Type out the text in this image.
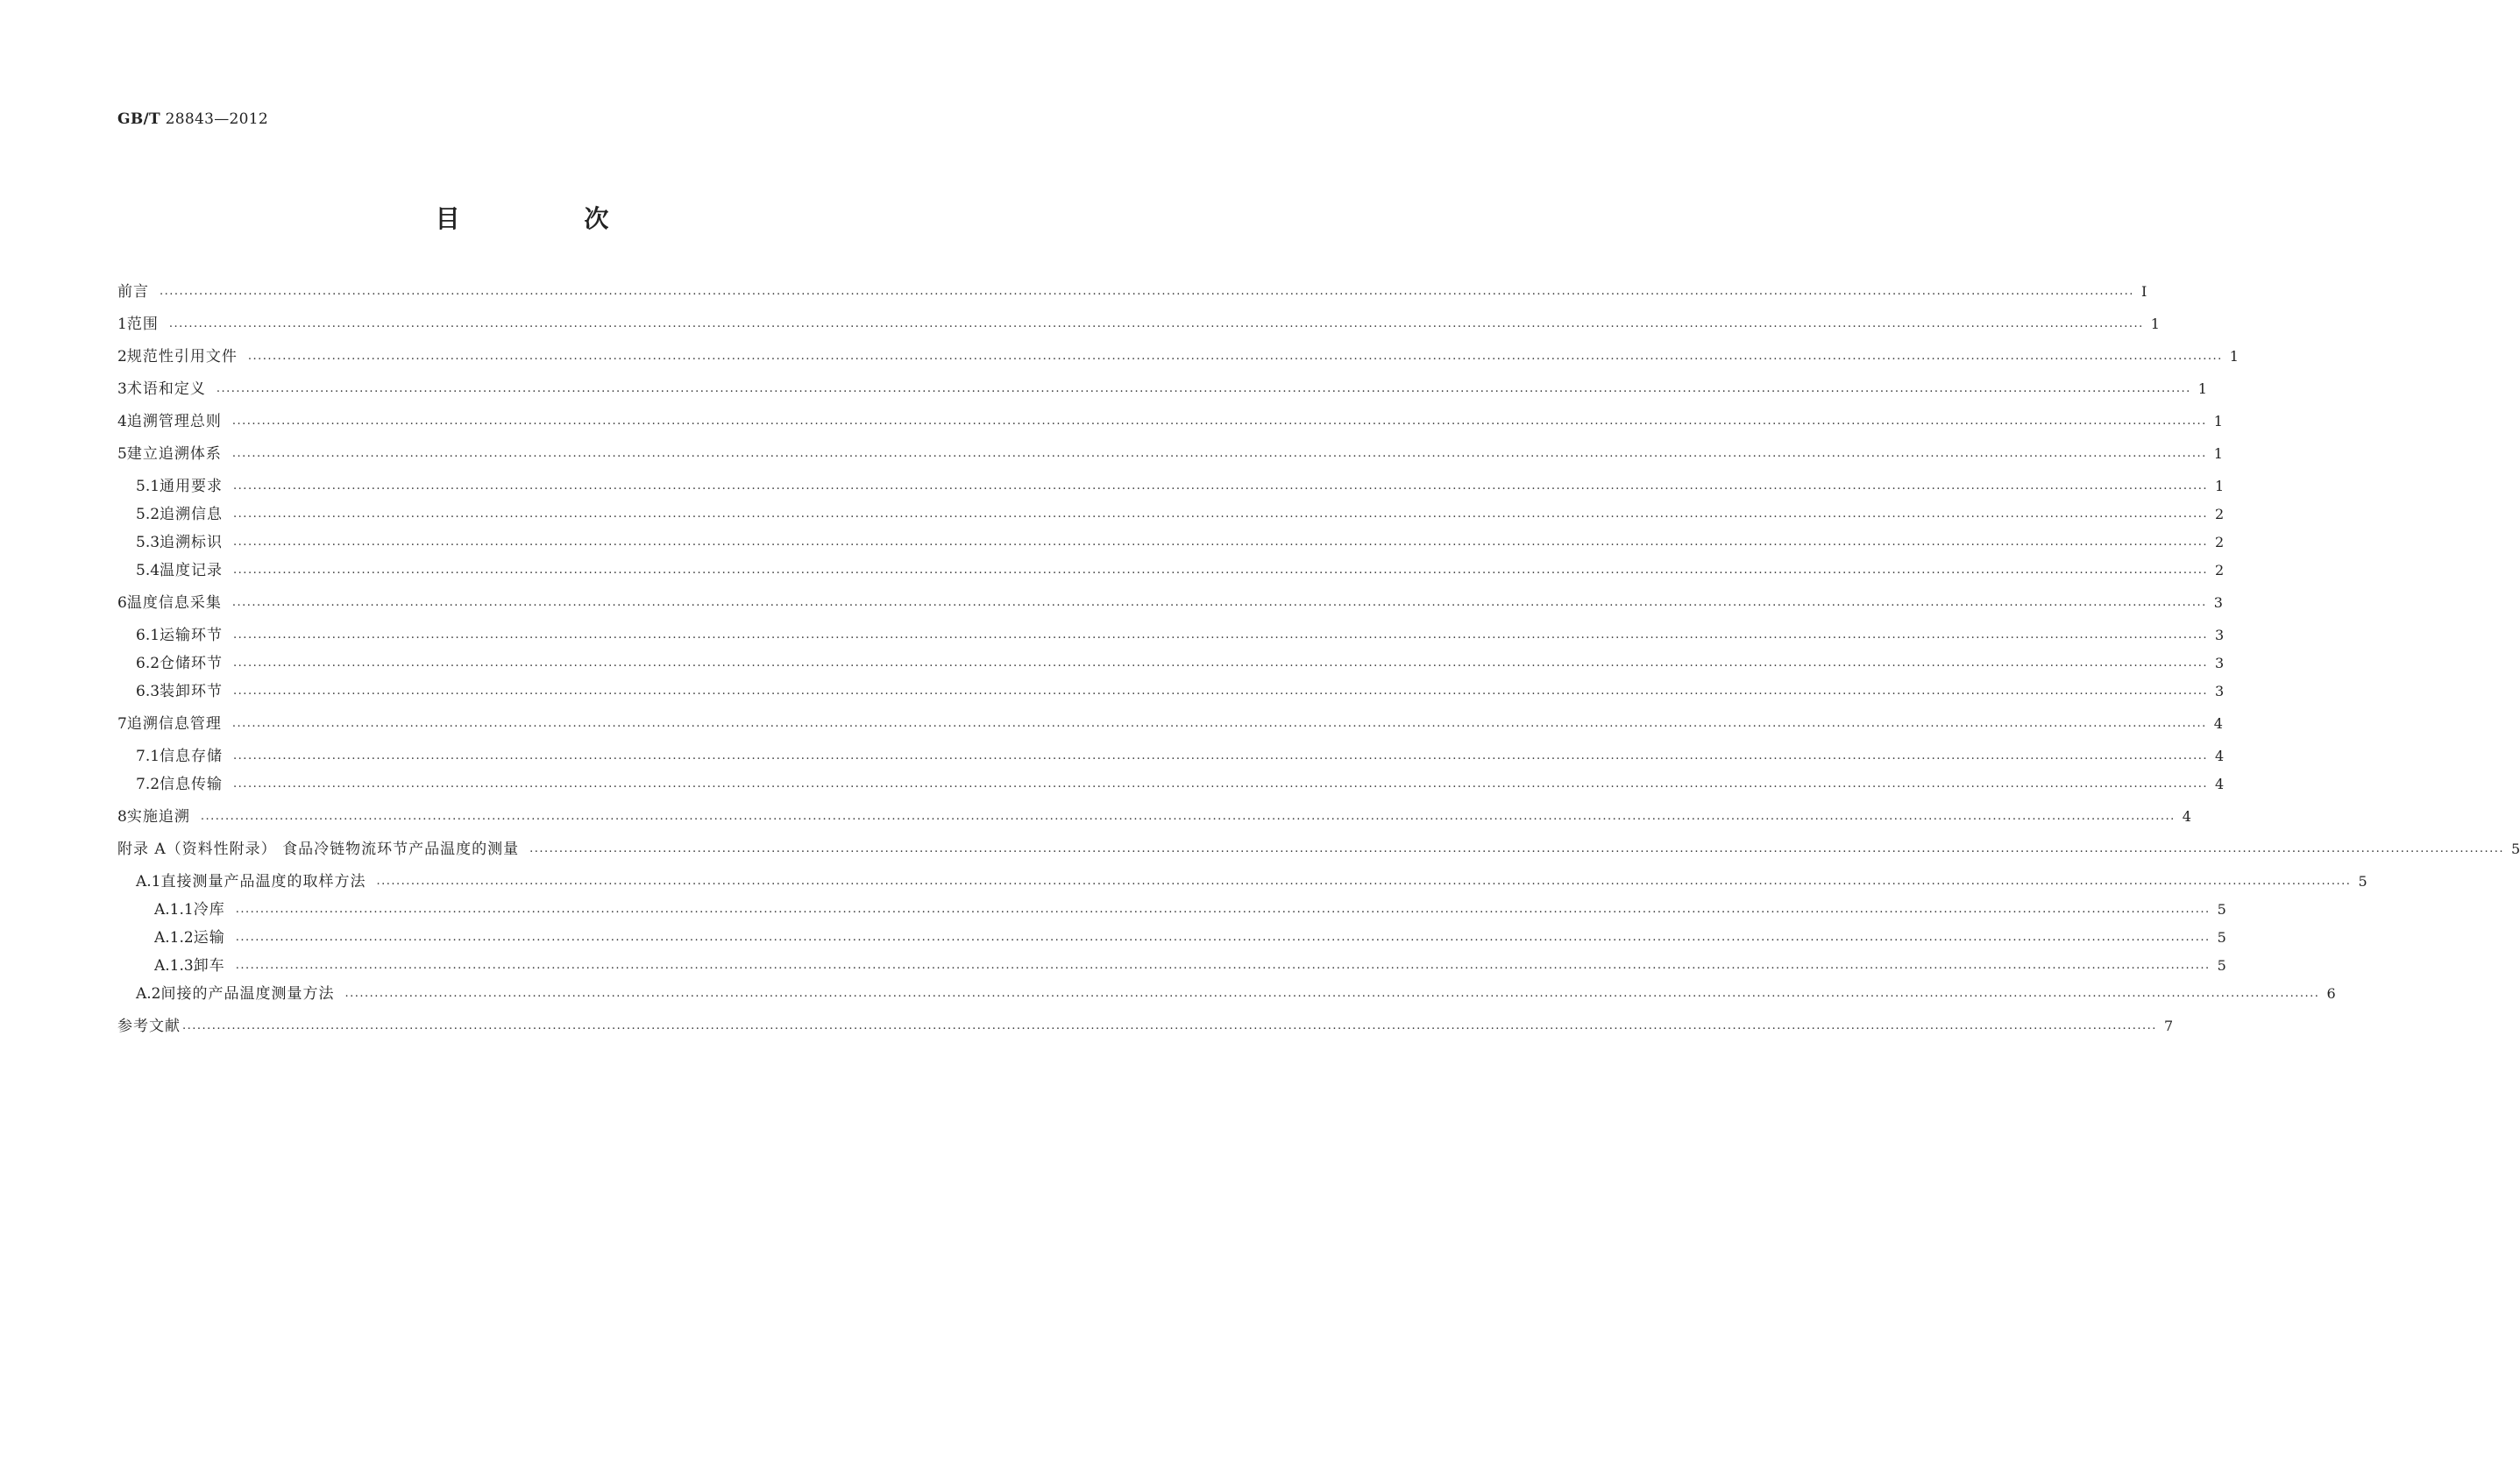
GB/T 28843—2012
目 次
前言 ................................................................................................................................................................................................................................................................................................................................................................................................................ Ⅰ
1 范围 ................................................................................................................................................................................................................................................................................................................................................................................................................ 1
2 规范性引用文件 ................................................................................................................................................................................................................................................................................................................................................................................................................ 1
3 术语和定义 ................................................................................................................................................................................................................................................................................................................................................................................................................ 1
4 追溯管理总则 ................................................................................................................................................................................................................................................................................................................................................................................................................ 1
5 建立追溯体系 ................................................................................................................................................................................................................................................................................................................................................................................................................ 1
5.1 通用要求 ................................................................................................................................................................................................................................................................................................................................................................................................................ 1
5.2 追溯信息 ................................................................................................................................................................................................................................................................................................................................................................................................................ 2
5.3 追溯标识 ................................................................................................................................................................................................................................................................................................................................................................................................................ 2
5.4 温度记录 ................................................................................................................................................................................................................................................................................................................................................................................................................ 2
6 温度信息采集 ................................................................................................................................................................................................................................................................................................................................................................................................................ 3
6.1 运输环节 ................................................................................................................................................................................................................................................................................................................................................................................................................ 3
6.2 仓储环节 ................................................................................................................................................................................................................................................................................................................................................................................................................ 3
6.3 装卸环节 ................................................................................................................................................................................................................................................................................................................................................................................................................ 3
7 追溯信息管理 ................................................................................................................................................................................................................................................................................................................................................................................................................ 4
7.1 信息存储 ................................................................................................................................................................................................................................................................................................................................................................................................................ 4
7.2 信息传输 ................................................................................................................................................................................................................................................................................................................................................................................................................ 4
8 实施追溯 ................................................................................................................................................................................................................................................................................................................................................................................................................ 4
附录 A（资料性附录） 食品冷链物流环节产品温度的测量 ................................................................................................................................................................................................................................................................................................................................................................................................................ 5
A.1 直接测量产品温度的取样方法 ................................................................................................................................................................................................................................................................................................................................................................................................................ 5
A.1.1 冷库 ................................................................................................................................................................................................................................................................................................................................................................................................................ 5
A.1.2 运输 ................................................................................................................................................................................................................................................................................................................................................................................................................ 5
A.1.3 卸车 ................................................................................................................................................................................................................................................................................................................................................................................................................ 5
A.2 间接的产品温度测量方法 ................................................................................................................................................................................................................................................................................................................................................................................................................ 6
参考文献 ................................................................................................................................................................................................................................................................................................................................................................................................................ 7
